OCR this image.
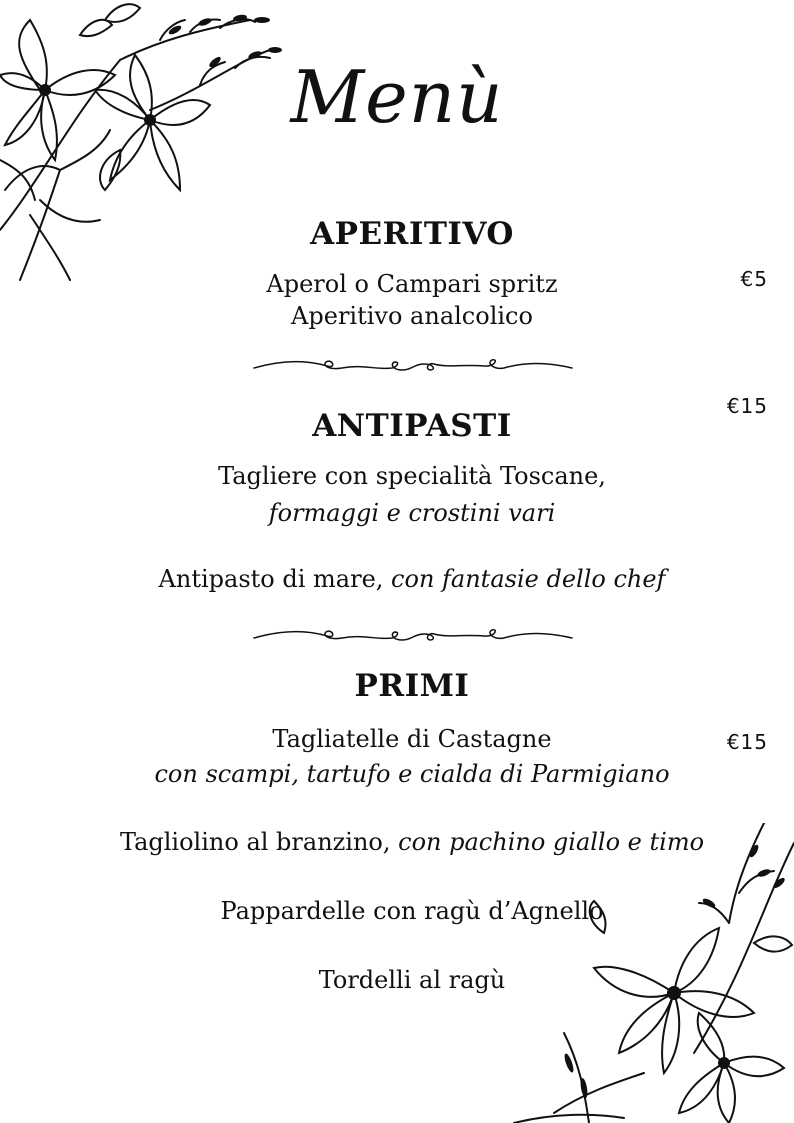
Menù
APERITIVO
Aperol o Campari spritz
Aperitivo analcolico
€5
€15
ANTIPASTI
Tagliere con specialità Toscane,
formaggi e crostini vari
Antipasto di mare, con fantasie dello chef
PRIMI
€15
Tagliatelle di Castagne
con scampi, tartufo e cialda di Parmigiano
Tagliolino al branzino, con pachino giallo e timo
Pappardelle con ragù d’Agnello
Tordelli al ragù
